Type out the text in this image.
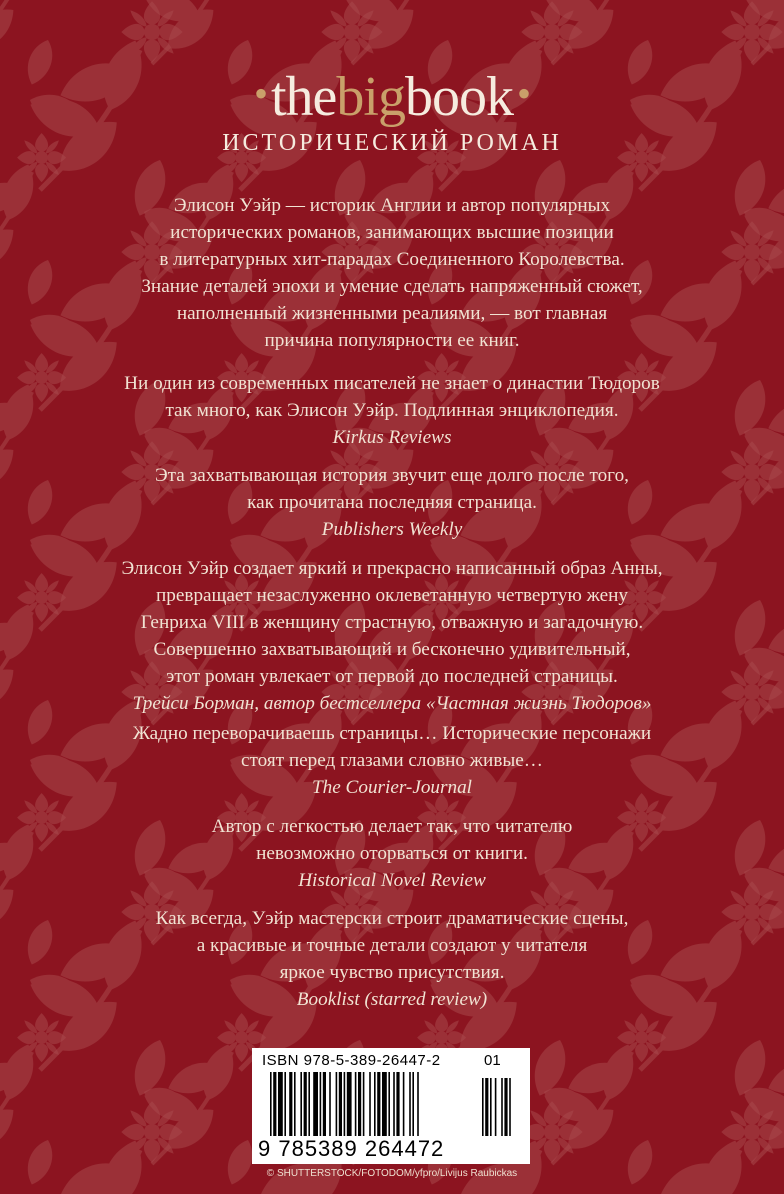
•thebigbook •
ИСТОРИЧЕСКИЙ РОМАН
Элисон Уэйр — историк Англии и автор популярных
исторических романов, занимающих высшие позиции
в литературных хит-парадах Соединенного Королевства.
Знание деталей эпохи и умение сделать напряженный сюжет,
наполненный жизненными реалиями, — вот главная
причина популярности ее книг.
Ни один из современных писателей не знает о династии Тюдоров
так много, как Элисон Уэйр. Подлинная энциклопедия.
Kirkus Reviews
Эта захватывающая история звучит еще долго после того,
как прочитана последняя страница.
Publishers Weekly
Элисон Уэйр создает яркий и прекрасно написанный образ Анны,
превращает незаслуженно оклеветанную четвертую жену
Генриха VIII в женщину страстную, отважную и загадочную.
Совершенно захватывающий и бесконечно удивительный,
этот роман увлекает от первой до последней страницы.
Трейси Борман, автор бестселлера «Частная жизнь Тюдоров»
Жадно переворачиваешь страницы… Исторические персонажи
стоят перед глазами словно живые…
The Courier-Journal
Автор с легкостью делает так, что читателю
невозможно оторваться от книги.
Historical Novel Review
Как всегда, Уэйр мастерски строит драматические сцены,
а красивые и точные детали создают у читателя
яркое чувство присутствия.
Booklist (starred review)
ISBN 978-5-389-26447-2	01
9 785389 264472
© SHUTTERSTOCK/FOTODOM/yfpro/Livijus Raubickas
